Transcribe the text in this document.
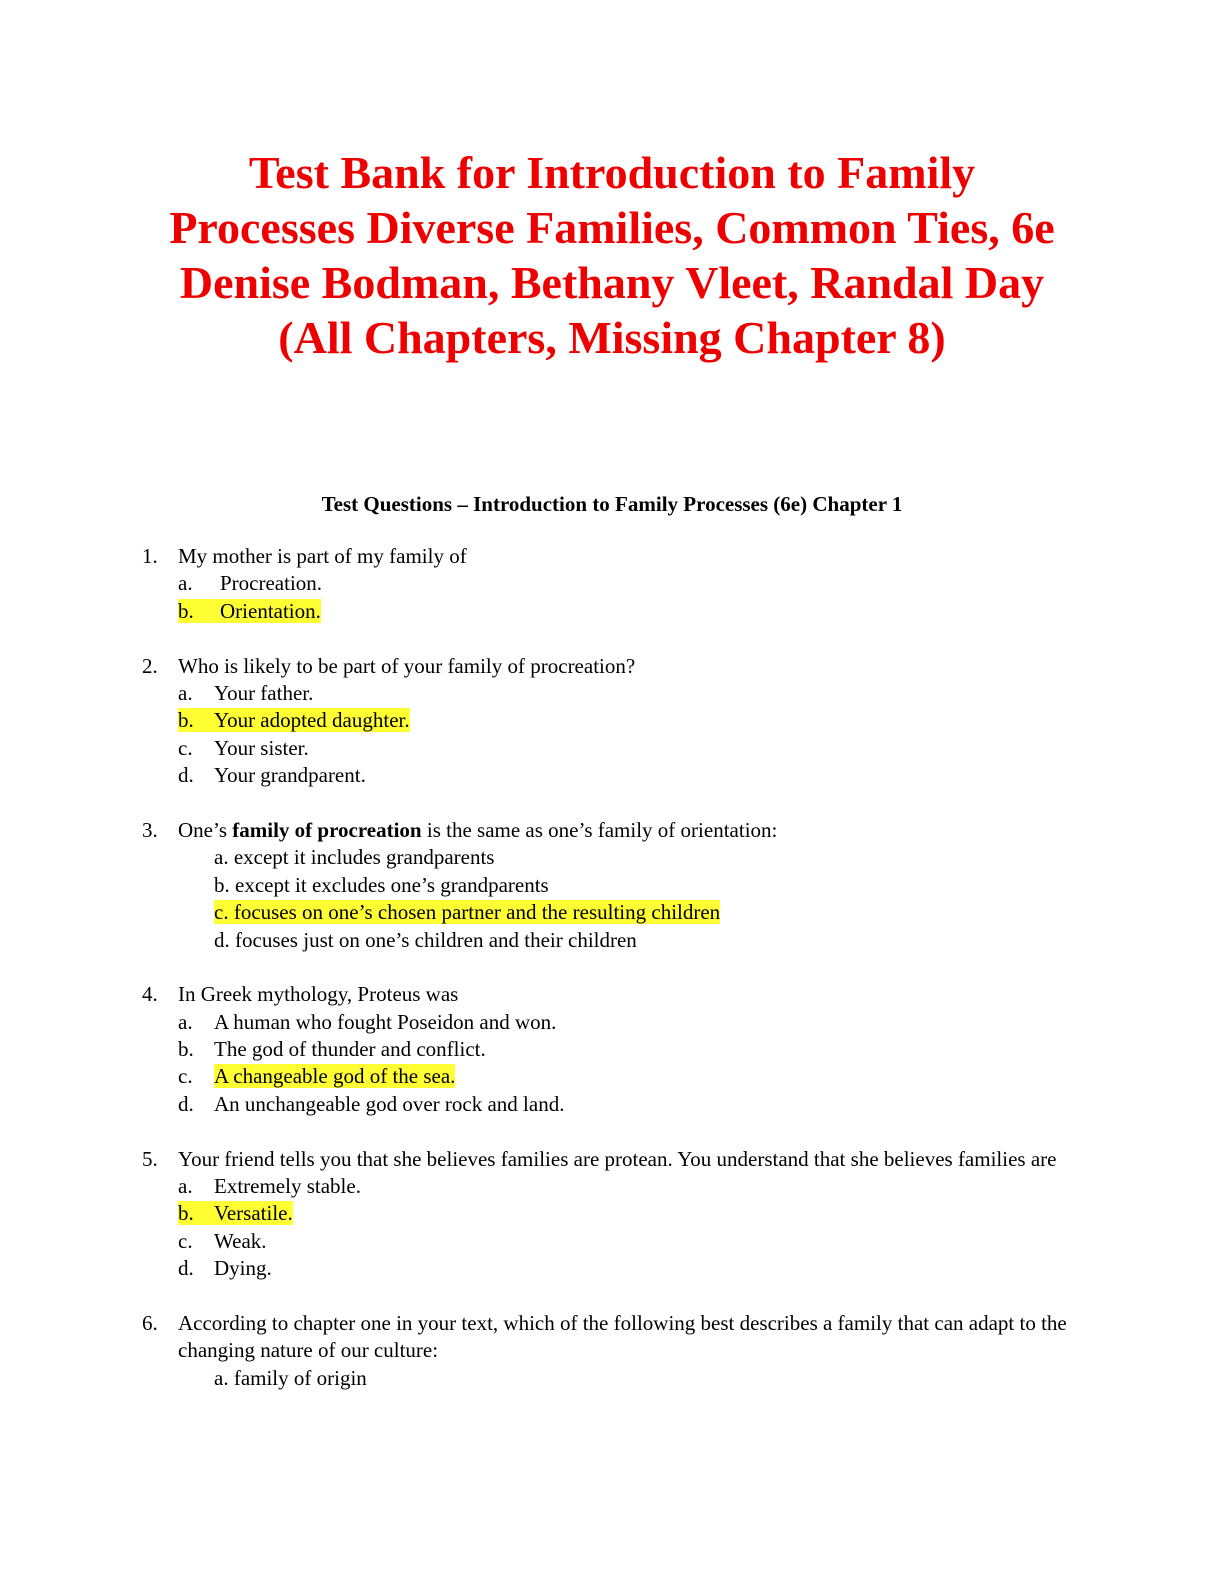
Test Bank for Introduction to Family
Processes Diverse Families, Common Ties, 6e
Denise Bodman, Bethany Vleet, Randal Day
(All Chapters, Missing Chapter 8)
Test Questions – Introduction to Family Processes (6e) Chapter 1
1. My mother is part of my family of
a. Procreation.
b. Orientation.
2. Who is likely to be part of your family of procreation?
a. Your father.
b. Your adopted daughter.
c. Your sister.
d. Your grandparent.
3. One’s family of procreation is the same as one’s family of orientation:
a. except it includes grandparents
b. except it excludes one’s grandparents
c. focuses on one’s chosen partner and the resulting children
d. focuses just on one’s children and their children
4. In Greek mythology, Proteus was
a. A human who fought Poseidon and won.
b. The god of thunder and conflict.
c. A changeable god of the sea.
d. An unchangeable god over rock and land.
5. Your friend tells you that she believes families are protean. You understand that she believes families are
a. Extremely stable.
b. Versatile.
c. Weak.
d. Dying.
6. According to chapter one in your text, which of the following best describes a family that can adapt to the changing nature of our culture:
a. family of origin
